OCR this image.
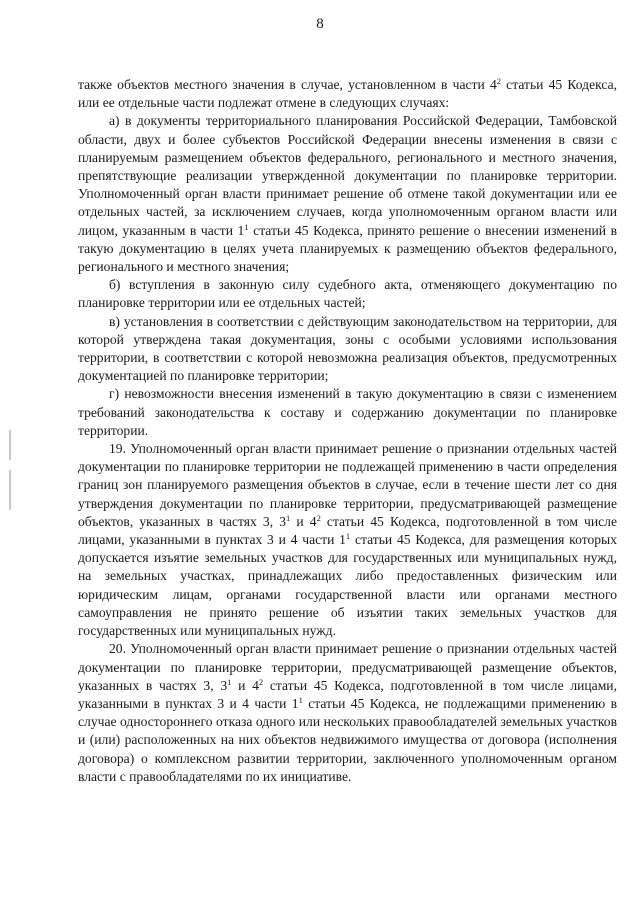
8

также объектов местного значения в случае, установленном в части $4^2$ статьи 45 Кодекса, или ее отдельные части подлежат отмене в следующих случаях:

а) в документы территориального планирования Российской Федерации, Тамбовской области, двух и более субъектов Российской Федерации внесены изменения в связи с планируемым размещением объектов федерального, регионального и местного значения, препятствующие реализации утвержденной документации по планировке территории. Уполномоченный орган власти принимает решение об отмене такой документации или ее отдельных частей, за исключением случаев, когда уполномоченным органом власти или лицом, указанным в части $1^1$ статьи 45 Кодекса, принято решение о внесении изменений в такую документацию в целях учета планируемых к размещению объектов федерального, регионального и местного значения;

б) вступления в законную силу судебного акта, отменяющего документацию по планировке территории или ее отдельных частей;

в) установления в соответствии с действующим законодательством на территории, для которой утверждена такая документация, зоны с особыми условиями использования территории, в соответствии с которой невозможна реализация объектов, предусмотренных документацией по планировке территории;

г) невозможности внесения изменений в такую документацию в связи с изменением требований законодательства к составу и содержанию документации по планировке территории.

19. Уполномоченный орган власти принимает решение о признании отдельных частей документации по планировке территории не подлежащей применению в части определения границ зон планируемого размещения объектов в случае, если в течение шести лет со дня утверждения документации по планировке территории, предусматривающей размещение объектов, указанных в частях 3, $3^1$ и $4^2$ статьи 45 Кодекса, подготовленной в том числе лицами, указанными в пунктах 3 и 4 части $1^1$ статьи 45 Кодекса, для размещения которых допускается изъятие земельных участков для государственных или муниципальных нужд, на земельных участках, принадлежащих либо предоставленных физическим или юридическим лицам, органами государственной власти или органами местного самоуправления не принято решение об изъятии таких земельных участков для государственных или муниципальных нужд.

20. Уполномоченный орган власти принимает решение о признании отдельных частей документации по планировке территории, предусматривающей размещение объектов, указанных в частях 3, $3^1$ и $4^2$ статьи 45 Кодекса, подготовленной в том числе лицами, указанными в пунктах 3 и 4 части $1^1$ статьи 45 Кодекса, не подлежащими применению в случае одностороннего отказа одного или нескольких правообладателей земельных участков и (или) расположенных на них объектов недвижимого имущества от договора (исполнения договора) о комплексном развитии территории, заключенного уполномоченным органом власти с правообладателями по их инициативе.
